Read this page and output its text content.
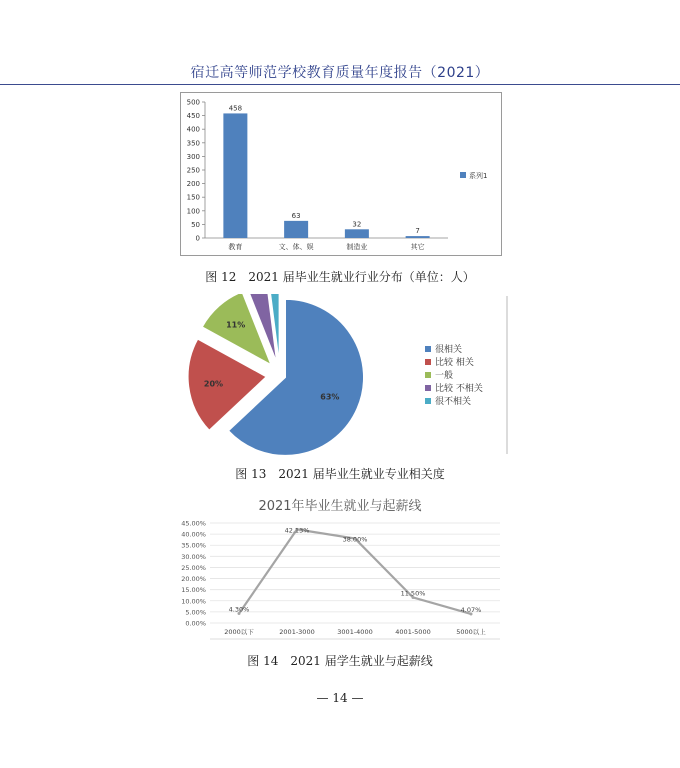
宿迁高等师范学校教育质量年度报告（2021）
0
50
100
150
200
250
300
350
400
450
500
458
教育
63
文、体、娱
32
制造业
7
其它
系列1
图 12　2021 届毕业生就业行业分布（单位：人）
63%
20%
11%
很相关
比较 相关
一般
比较 不相关
很不相关
图 13　2021 届毕业生就业专业相关度
2021年毕业生就业与起薪线
0.00%
5.00%
10.00%
15.00%
20.00%
25.00%
30.00%
35.00%
40.00%
45.00%
4.30%
42.13%
38.00%
11.50%
4.07%
2000以下	2001-3000	3001-4000	4001-5000	5000以上
图 14　2021 届学生就业与起薪线
— 14 —
